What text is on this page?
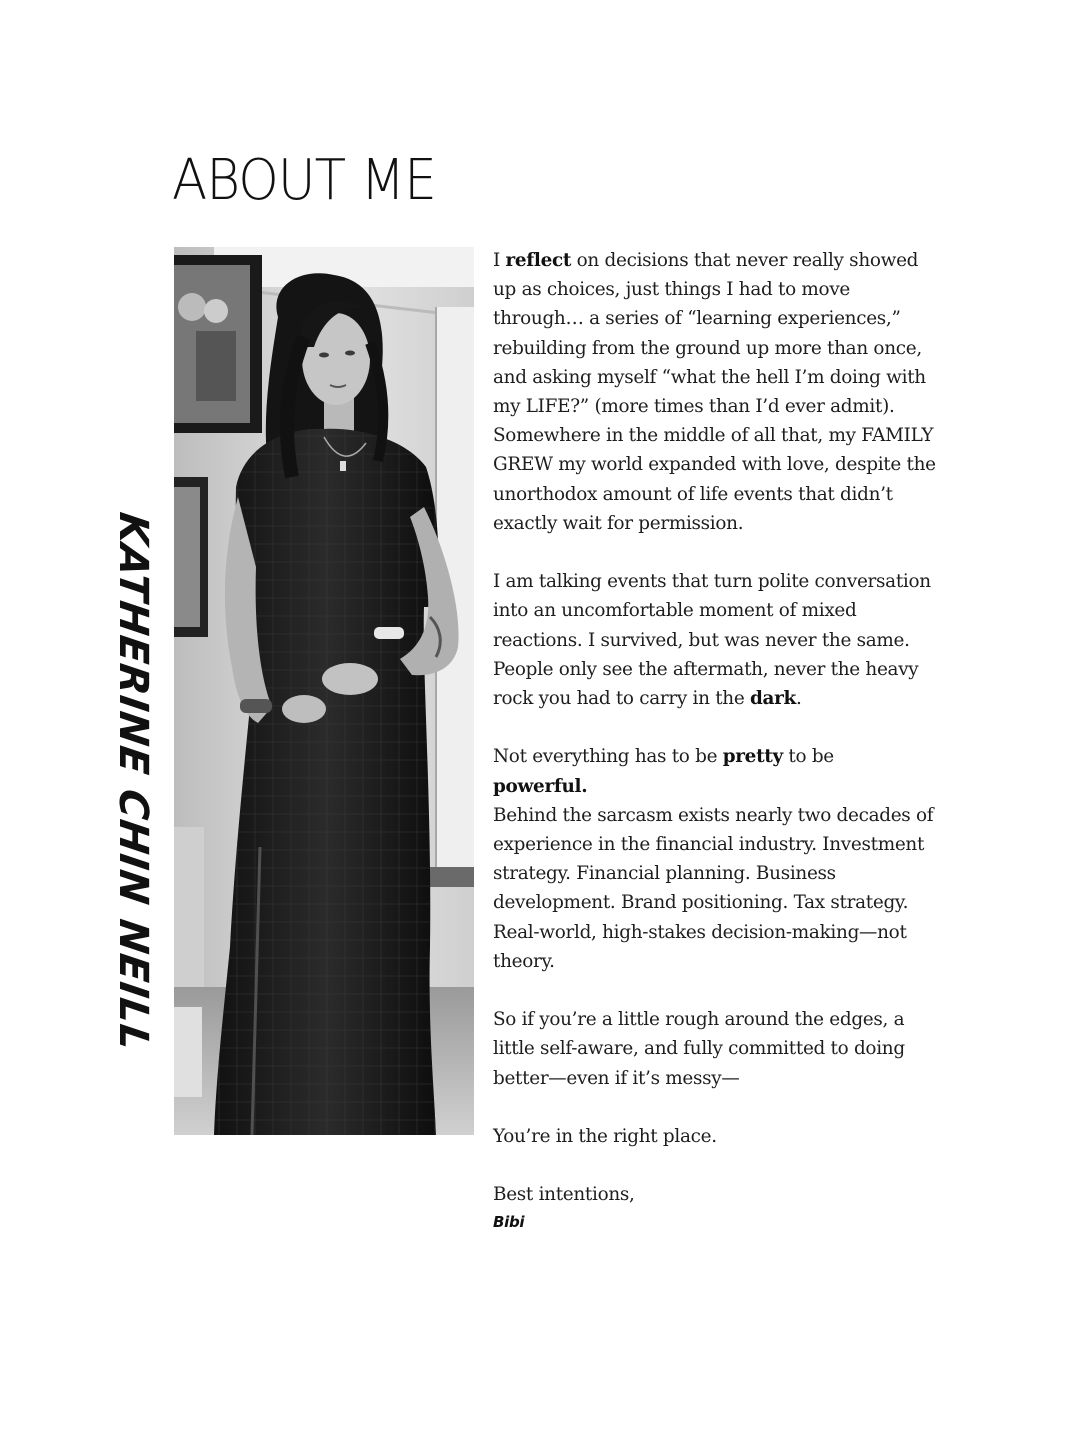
ABOUT ME
KATHERINE CHIN NEILL

I reflect on decisions that never really showed up as choices, just things I had to move through… a series of “learning experiences,” rebuilding from the ground up more than once, and asking myself “what the hell I’m doing with my LIFE?” (more times than I’d ever admit). Somewhere in the middle of all that, my FAMILY GREW my world expanded with love, despite the unorthodox amount of life events that didn’t exactly wait for permission.

I am talking events that turn polite conversation into an uncomfortable moment of mixed reactions. I survived, but was never the same. People only see the aftermath, never the heavy rock you had to carry in the dark.

Not everything has to be pretty to be
powerful.

Behind the sarcasm exists nearly two decades of experience in the financial industry. Investment strategy. Financial planning. Business development. Brand positioning. Tax strategy. Real-world, high-stakes decision-making—not theory.

So if you’re a little rough around the edges, a little self-aware, and fully committed to doing better—even if it’s messy—

You’re in the right place.

Best intentions,

Bibi
